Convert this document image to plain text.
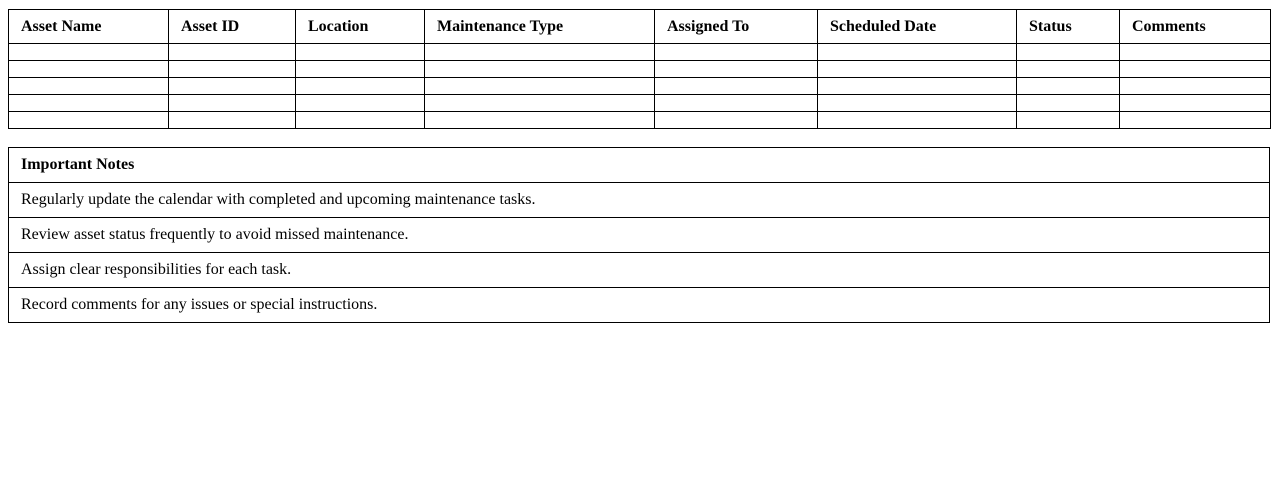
Asset Name	Asset ID	Location	Maintenance Type	Assigned To	Scheduled Date	Status	Comments

Important Notes
Regularly update the calendar with completed and upcoming maintenance tasks.
Review asset status frequently to avoid missed maintenance.
Assign clear responsibilities for each task.
Record comments for any issues or special instructions.
